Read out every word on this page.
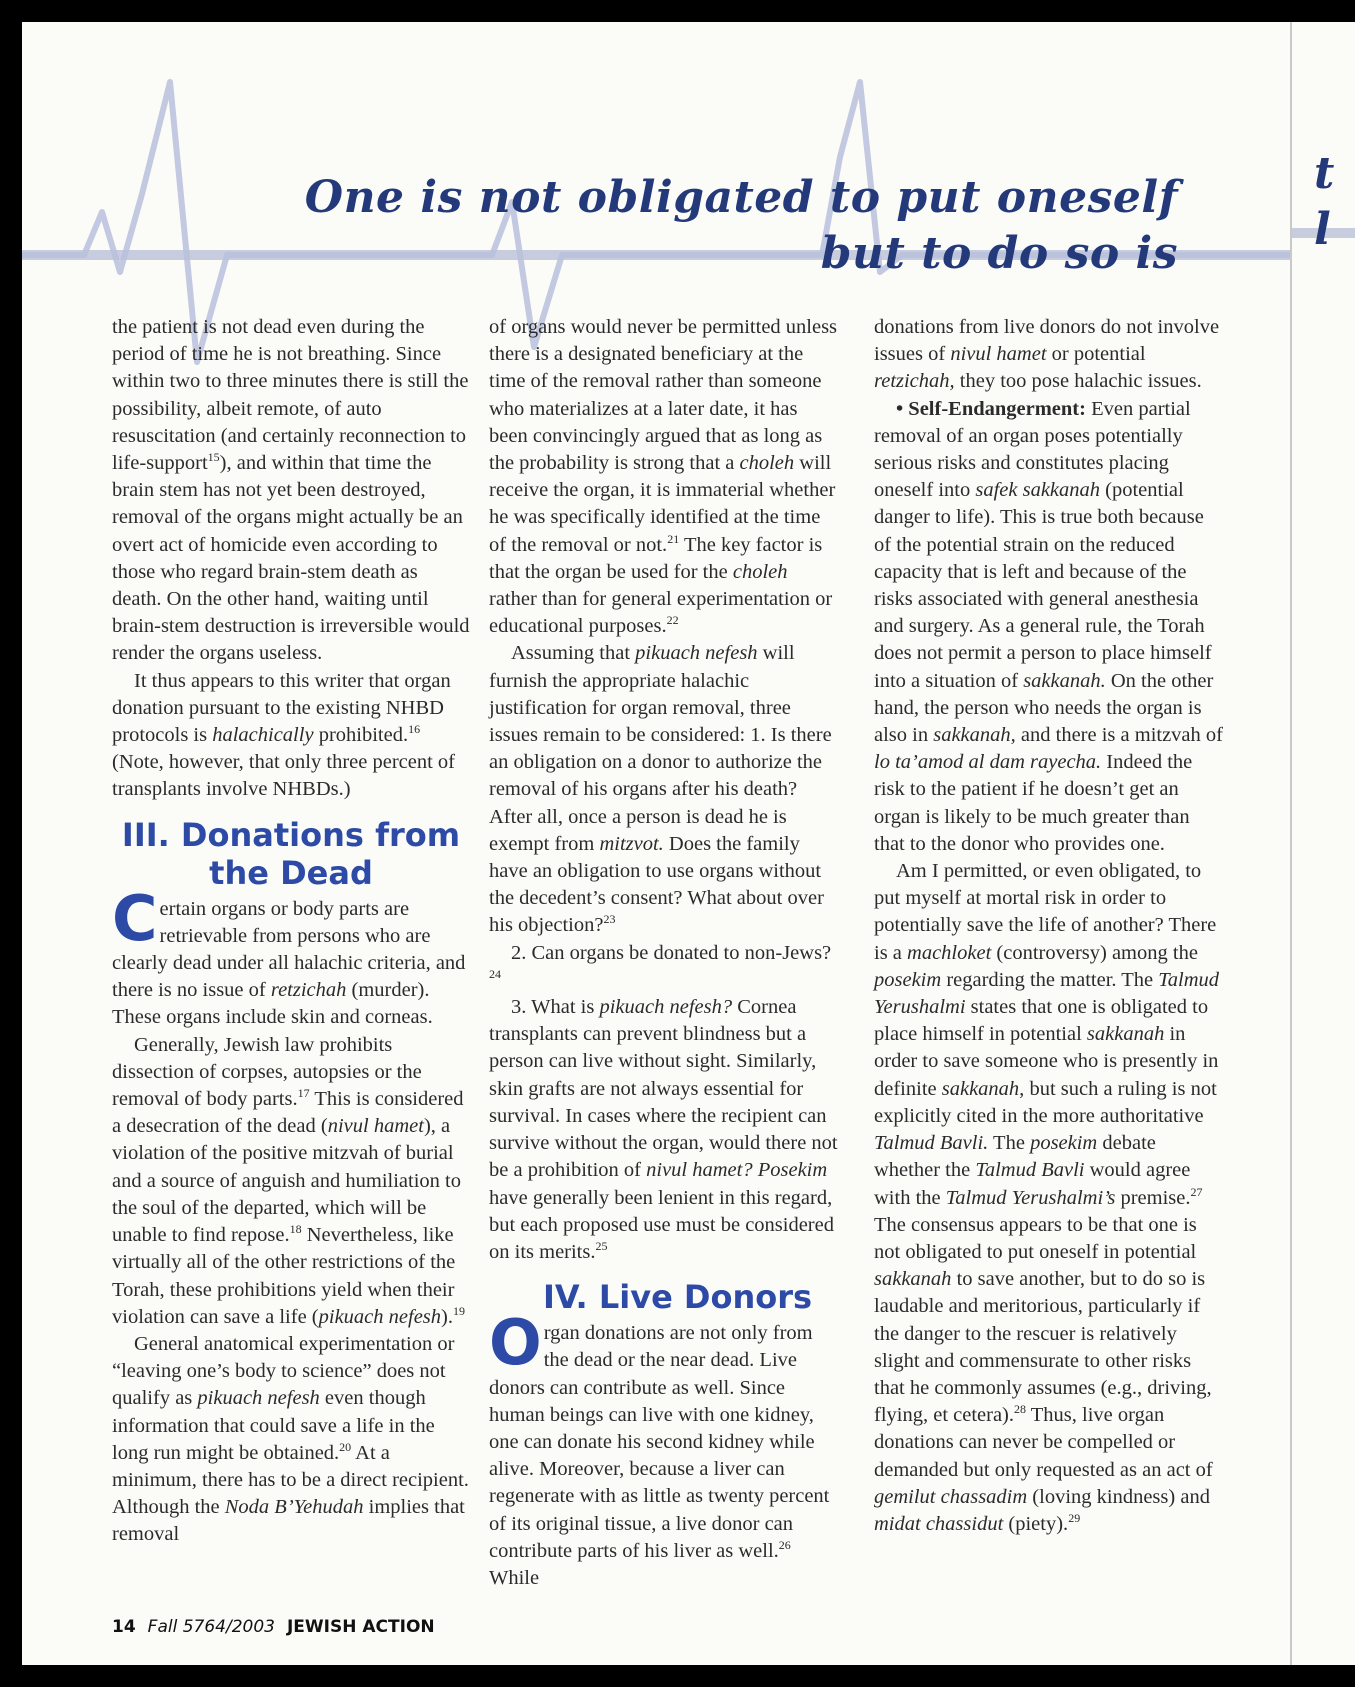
One is not obligated to put oneself
but to do so is

the patient is not dead even during the period of time he is not breathing. Since within two to three minutes there is still the possibility, albeit remote, of auto resuscitation (and certainly reconnection to life-support$^{15}$), and within that time the brain stem has not yet been destroyed, removal of the organs might actually be an overt act of homicide even according to those who regard brain-stem death as death. On the other hand, waiting until brain-stem destruction is irreversible would render the organs useless.

It thus appears to this writer that organ donation pursuant to the existing NHBD protocols is halachically prohibited.$^{16}$ (Note, however, that only three percent of transplants involve NHBDs.)

III. Donations from the Dead

Certain organs or body parts are retrievable from persons who are clearly dead under all halachic criteria, and there is no issue of retzichah (murder). These organs include skin and corneas.

Generally, Jewish law prohibits dissection of corpses, autopsies or the removal of body parts.$^{17}$ This is considered a desecration of the dead (nivul hamet), a violation of the positive mitzvah of burial and a source of anguish and humiliation to the soul of the departed, which will be unable to find repose.$^{18}$ Nevertheless, like virtually all of the other restrictions of the Torah, these prohibitions yield when their violation can save a life (pikuach nefesh).$^{19}$

General anatomical experimentation or “leaving one’s body to science” does not qualify as pikuach nefesh even though information that could save a life in the long run might be obtained.$^{20}$ At a minimum, there has to be a direct recipient. Although the Noda B’Yehudah implies that removal

of organs would never be permitted unless there is a designated beneficiary at the time of the removal rather than someone who materializes at a later date, it has been convincingly argued that as long as the probability is strong that a choleh will receive the organ, it is immaterial whether he was specifically identified at the time of the removal or not.$^{21}$ The key factor is that the organ be used for the choleh rather than for general experimentation or educational purposes.$^{22}$

Assuming that pikuach nefesh will furnish the appropriate halachic justification for organ removal, three issues remain to be considered: 1. Is there an obligation on a donor to authorize the removal of his organs after his death? After all, once a person is dead he is exempt from mitzvot. Does the family have an obligation to use organs without the decedent’s consent? What about over his objection?$^{23}$

2. Can organs be donated to non-Jews?$^{24}$

3. What is pikuach nefesh? Cornea transplants can prevent blindness but a person can live without sight. Similarly, skin grafts are not always essential for survival. In cases where the recipient can survive without the organ, would there not be a prohibition of nivul hamet? Posekim have generally been lenient in this regard, but each proposed use must be considered on its merits.$^{25}$

IV. Live Donors

Organ donations are not only from the dead or the near dead. Live donors can contribute as well. Since human beings can live with one kidney, one can donate his second kidney while alive. Moreover, because a liver can regenerate with as little as twenty percent of its original tissue, a live donor can contribute parts of his liver as well.$^{26}$ While

donations from live donors do not involve issues of nivul hamet or potential retzichah, they too pose halachic issues.

• Self-Endangerment: Even partial removal of an organ poses potentially serious risks and constitutes placing oneself into safek sakkanah (potential danger to life). This is true both because of the potential strain on the reduced capacity that is left and because of the risks associated with general anesthesia and surgery. As a general rule, the Torah does not permit a person to place himself into a situation of sakkanah. On the other hand, the person who needs the organ is also in sakkanah, and there is a mitzvah of lo ta’amod al dam rayecha. Indeed the risk to the patient if he doesn’t get an organ is likely to be much greater than that to the donor who provides one.

Am I permitted, or even obligated, to put myself at mortal risk in order to potentially save the life of another? There is a machloket (controversy) among the posekim regarding the matter. The Talmud Yerushalmi states that one is obligated to place himself in potential sakkanah in order to save someone who is presently in definite sakkanah, but such a ruling is not explicitly cited in the more authoritative Talmud Bavli. The posekim debate whether the Talmud Bavli would agree with the Talmud Yerushalmi’s premise.$^{27}$ The consensus appears to be that one is not obligated to put oneself in potential sakkanah to save another, but to do so is laudable and meritorious, particularly if the danger to the rescuer is relatively slight and commensurate to other risks that he commonly assumes (e.g., driving, flying, et cetera).$^{28}$ Thus, live organ donations can never be compelled or demanded but only requested as an act of gemilut chassadim (loving kindness) and midat chassidut (piety).$^{29}$

14 Fall 5764/2003 JEWISH ACTION
t
l
